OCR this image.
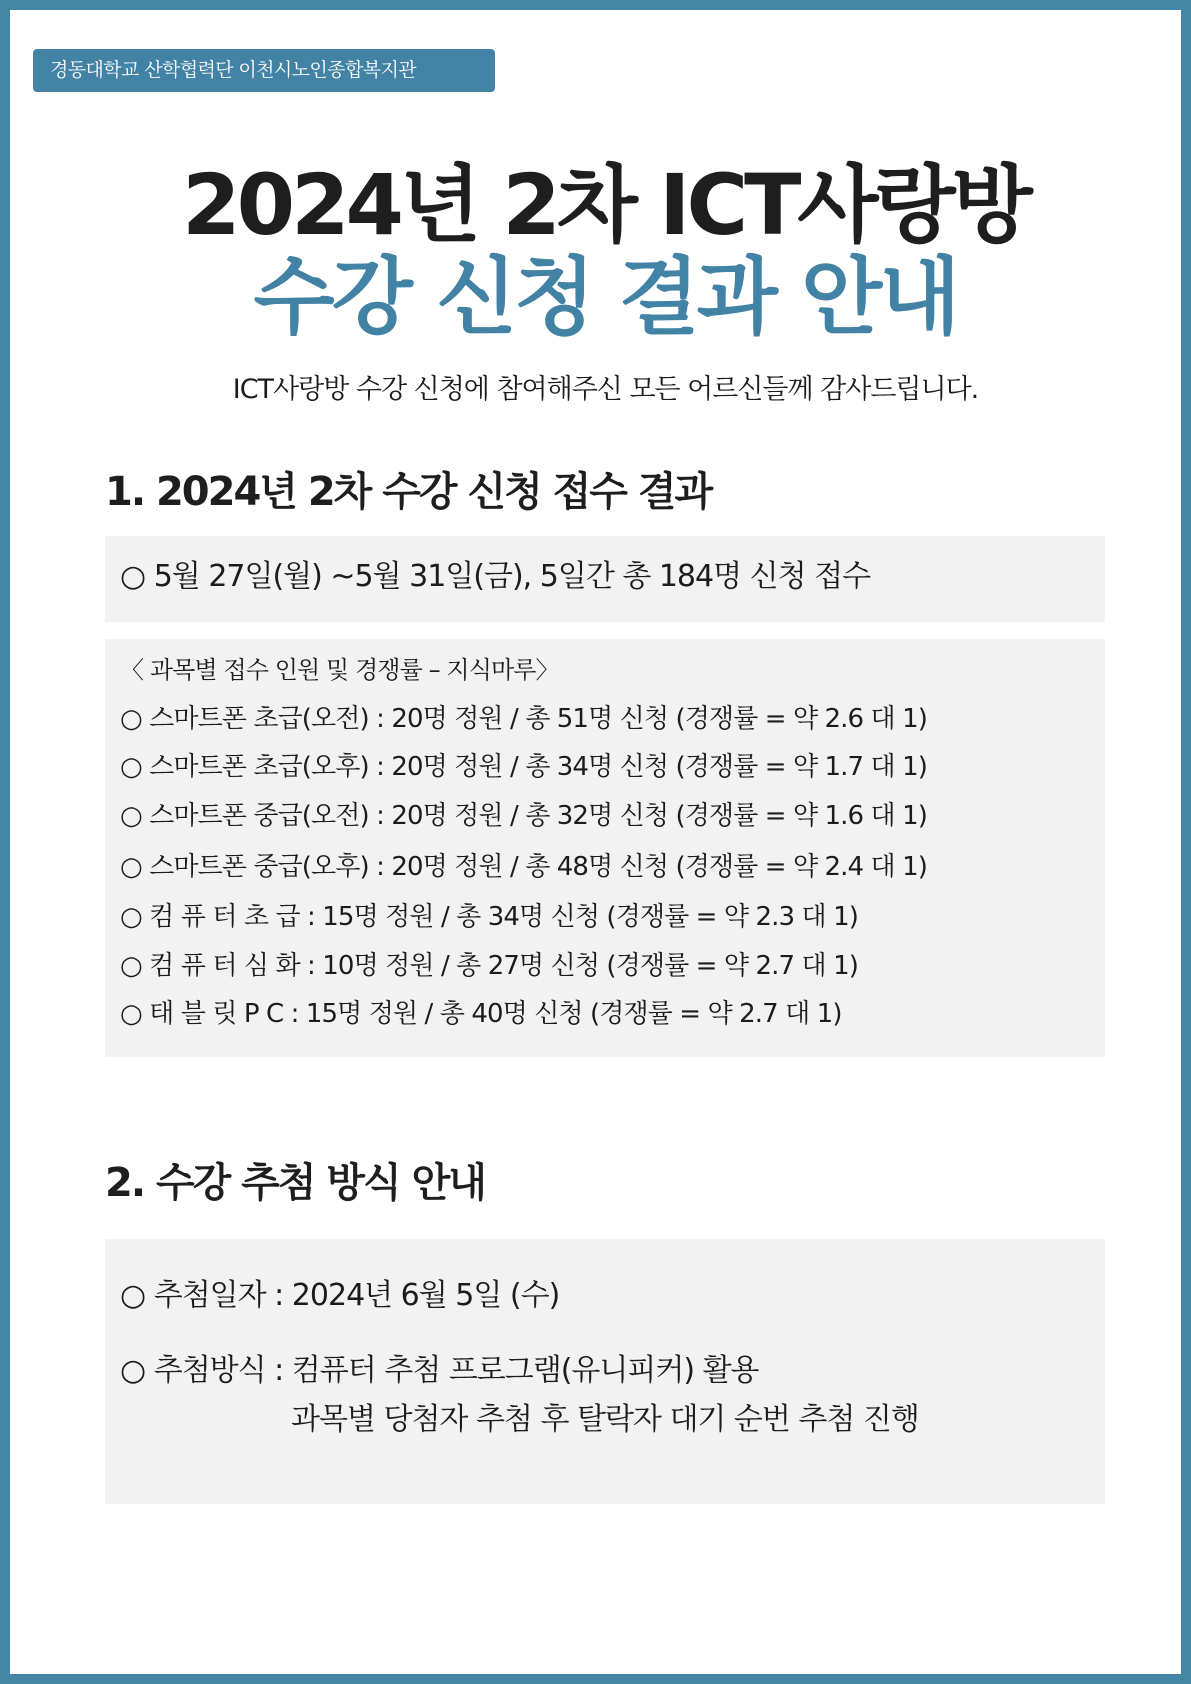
경동대학교 산학협력단 이천시노인종합복지관
2024년 2차 ICT사랑방
수강 신청 결과 안내
ICT사랑방 수강 신청에 참여해주신 모든 어르신들께 감사드립니다.
1. 2024년 2차 수강 신청 접수 결과
○ 5월 27일(월) ~5월 31일(금), 5일간 총 184명 신청 접수
〈 과목별 접수 인원 및 경쟁률 – 지식마루〉
○ 스마트폰 초급(오전) : 20명 정원 / 총 51명 신청 (경쟁률 = 약 2.6 대 1)
○ 스마트폰 초급(오후) : 20명 정원 / 총 34명 신청 (경쟁률 = 약 1.7 대 1)
○ 스마트폰 중급(오전) : 20명 정원 / 총 32명 신청 (경쟁률 = 약 1.6 대 1)
○ 스마트폰 중급(오후) : 20명 정원 / 총 48명 신청 (경쟁률 = 약 2.4 대 1)
○ 컴 퓨 터 초 급 : 15명 정원 / 총 34명 신청 (경쟁률 = 약 2.3 대 1)
○ 컴 퓨 터 심 화 : 10명 정원 / 총 27명 신청 (경쟁률 = 약 2.7 대 1)
○ 태 블 릿 P C : 15명 정원 / 총 40명 신청 (경쟁률 = 약 2.7 대 1)
2. 수강 추첨 방식 안내
○ 추첨일자 : 2024년 6월 5일 (수)
○ 추첨방식 : 컴퓨터 추첨 프로그램(유니피커) 활용
과목별 당첨자 추첨 후 탈락자 대기 순번 추첨 진행
